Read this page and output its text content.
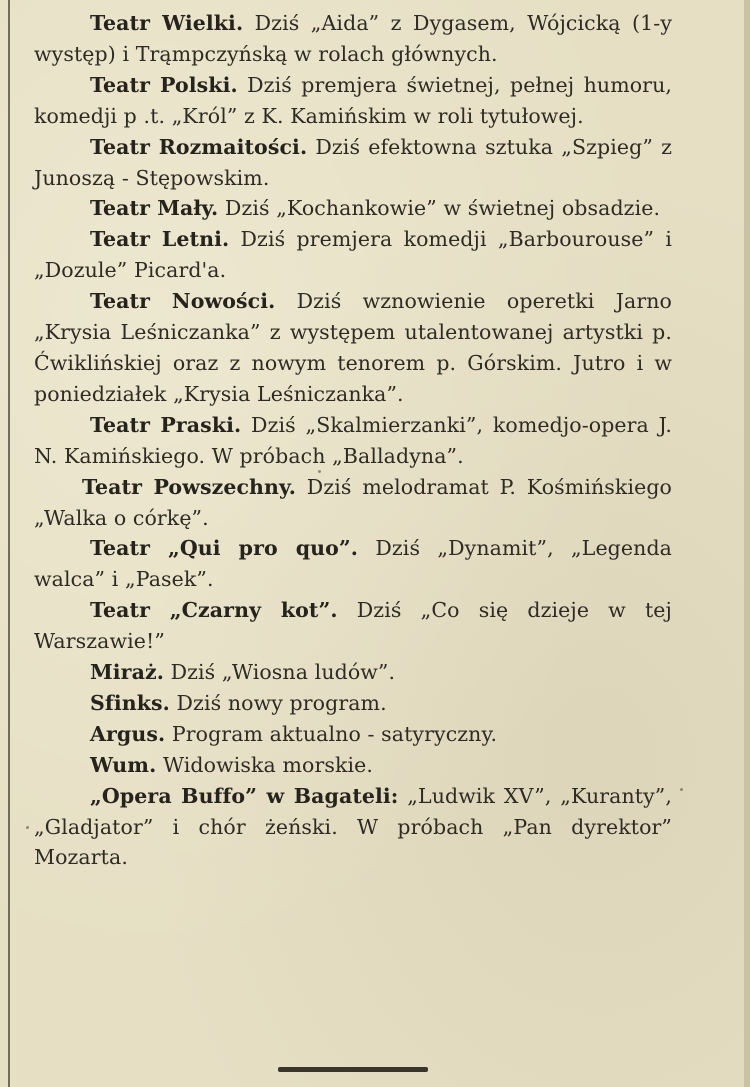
Teatr Wielki. Dziś „Aida” z Dygasem, Wójcicką (1-y występ) i Trąmpczyńską w rolach głównych.

Teatr Polski. Dziś premjera świetnej, pełnej humoru, komedji p .t. „Król” z K. Kamińskim w roli tytułowej.

Teatr Rozmaitości. Dziś efektowna sztuka „Szpieg” z Junoszą - Stępowskim.

Teatr Mały. Dziś „Kochankowie” w świetnej obsadzie.

Teatr Letni. Dziś premjera komedji „Barbourouse” i „Dozule” Picard'a.

Teatr Nowości. Dziś wznowienie operetki Jarno „Krysia Leśniczanka” z występem utalentowanej artystki p. Ćwiklińskiej oraz z nowym tenorem p. Górskim. Jutro i w poniedziałek „Krysia Leśniczanka”.

Teatr Praski. Dziś „Skalmierzanki”, komedjo-opera J. N. Kamińskiego. W próbach „Balladyna”.

Teatr Powszechny. Dziś melodramat P. Kośmińskiego „Walka o córkę”.

Teatr „Qui pro quo”. Dziś „Dynamit”, „Legenda walca” i „Pasek”.

Teatr „Czarny kot”. Dziś „Co się dzieje w tej Warszawie!”

Miraż. Dziś „Wiosna ludów”.

Sfinks. Dziś nowy program.

Argus. Program aktualno - satyryczny.

Wum. Widowiska morskie.

„Opera Buffo” w Bagateli: „Ludwik XV”, „Kuranty”, „Gladjator” i chór żeński. W próbach „Pan dyrektor” Mozarta.
